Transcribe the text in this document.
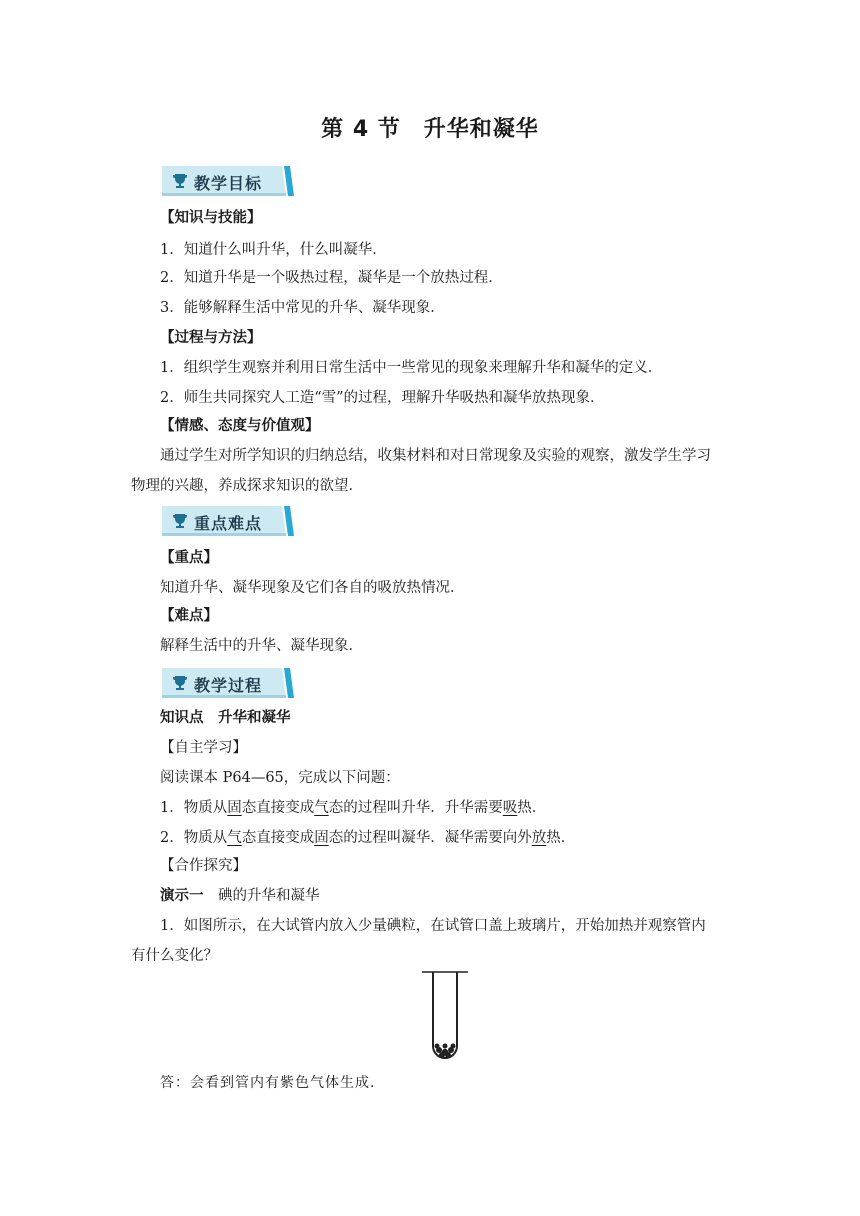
第 4 节　升华和凝华
教学目标
【知识与技能】
1．知道什么叫升华，什么叫凝华．
2．知道升华是一个吸热过程，凝华是一个放热过程．
3．能够解释生活中常见的升华、凝华现象．
【过程与方法】
1．组织学生观察并利用日常生活中一些常见的现象来理解升华和凝华的定义．
2．师生共同探究人工造“雪”的过程，理解升华吸热和凝华放热现象．
【情感、态度与价值观】
通过学生对所学知识的归纳总结，收集材料和对日常现象及实验的观察，激发学生学习
物理的兴趣，养成探求知识的欲望．
重点难点
【重点】
知道升华、凝华现象及它们各自的吸放热情况．
【难点】
解释生活中的升华、凝华现象．
教学过程
知识点　升华和凝华
【自主学习】
阅读课本 P64—65，完成以下问题：
1．物质从固态直接变成气态的过程叫升华．升华需要吸热．
2．物质从气态直接变成固态的过程叫凝华．凝华需要向外放热．
【合作探究】
演示一　碘的升华和凝华
1．如图所示，在大试管内放入少量碘粒，在试管口盖上玻璃片，开始加热并观察管内
有什么变化？
答：会看到管内有紫色气体生成．
